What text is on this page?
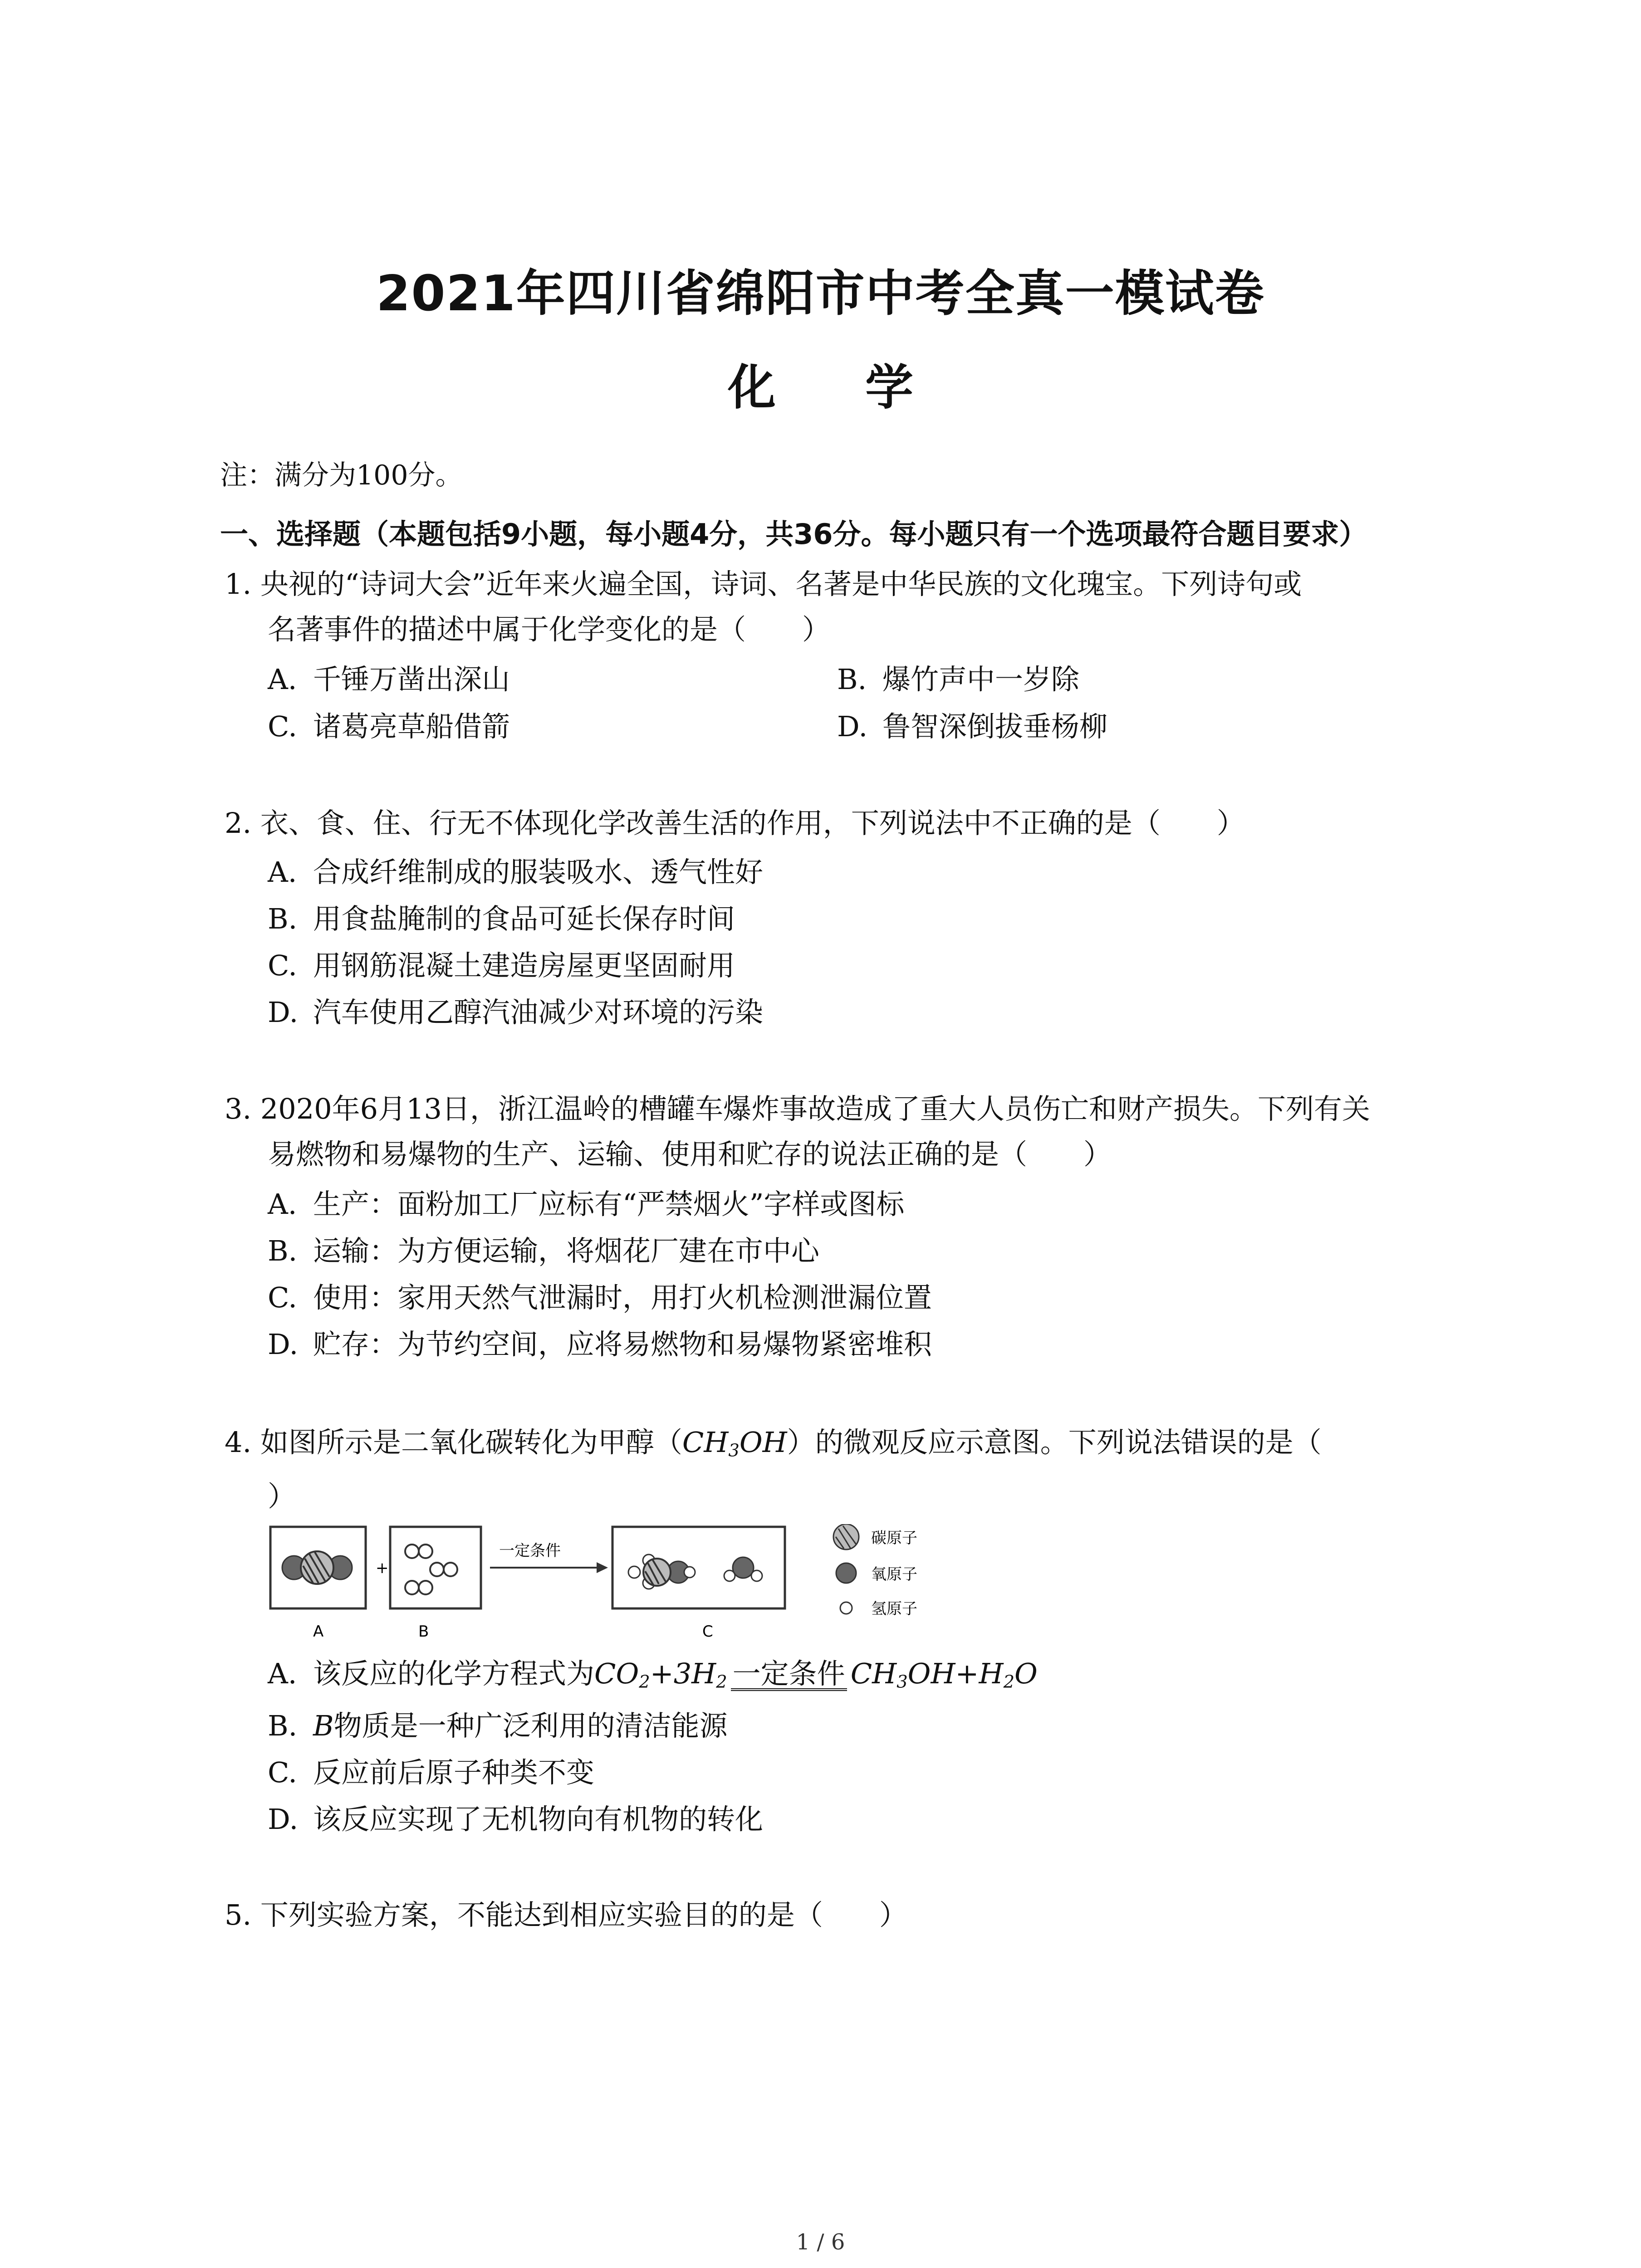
2021年四川省绵阳市中考全真一模试卷
化 学
注：满分为100分。
一、选择题（本题包括9小题，每小题4分，共36分。每小题只有一个选项最符合题目要求）
1. 央视的“诗词大会”近年来火遍全国，诗词、名著是中华民族的文化瑰宝。下列诗句或
名著事件的描述中属于化学变化的是（　　）
A. 千锤万凿出深山	B. 爆竹声中一岁除
C. 诸葛亮草船借箭	D. 鲁智深倒拔垂杨柳
2. 衣、食、住、行无不体现化学改善生活的作用，下列说法中不正确的是（　　）
A. 合成纤维制成的服装吸水、透气性好
B. 用食盐腌制的食品可延长保存时间
C. 用钢筋混凝土建造房屋更坚固耐用
D. 汽车使用乙醇汽油减少对环境的污染
3. 2020年6月13日，浙江温岭的槽罐车爆炸事故造成了重大人员伤亡和财产损失。下列有关
易燃物和易爆物的生产、运输、使用和贮存的说法正确的是（　　）
A. 生产：面粉加工厂应标有“严禁烟火”字样或图标
B. 运输：为方便运输，将烟花厂建在市中心
C. 使用：家用天然气泄漏时，用打火机检测泄漏位置
D. 贮存：为节约空间，应将易燃物和易爆物紧密堆积
4. 如图所示是二氧化碳转化为甲醇$(CH_3OH)$的微观反应示意图。下列说法错误的是（
）
+
一定条件
碳原子
氧原子
氢原子
A	B	C
A. 该反应的化学方程式为$CO_2+3H_2$ 一定条件 $CH_3OH+H_2O$
B. B物质是一种广泛利用的清洁能源
C. 反应前后原子种类不变
D. 该反应实现了无机物向有机物的转化
5. 下列实验方案，不能达到相应实验目的的是（　　）
1 / 6
